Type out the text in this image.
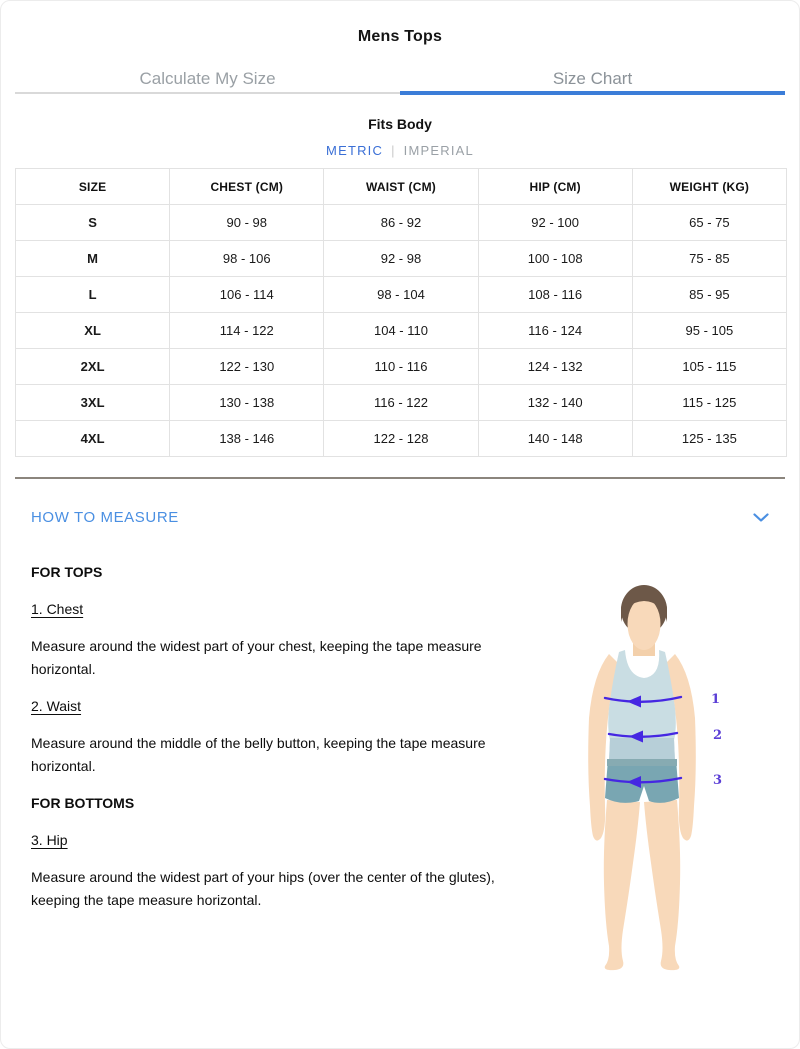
Mens Tops
Calculate My Size	Size Chart
Fits Body
METRIC | IMPERIAL
SIZE	CHEST (CM)	WAIST (CM)	HIP (CM)	WEIGHT (KG)
S	90 - 98	86 - 92	92 - 100	65 - 75
M	98 - 106	92 - 98	100 - 108	75 - 85
L	106 - 114	98 - 104	108 - 116	85 - 95
XL	114 - 122	104 - 110	116 - 124	95 - 105
2XL	122 - 130	110 - 116	124 - 132	105 - 115
3XL	130 - 138	116 - 122	132 - 140	115 - 125
4XL	138 - 146	122 - 128	140 - 148	125 - 135
HOW TO MEASURE
FOR TOPS
1. Chest
Measure around the widest part of your chest, keeping the tape measure horizontal.
2. Waist
Measure around the middle of the belly button, keeping the tape measure horizontal.
FOR BOTTOMS
3. Hip
Measure around the widest part of your hips (over the center of the glutes), keeping the tape measure horizontal.
1
2
3
